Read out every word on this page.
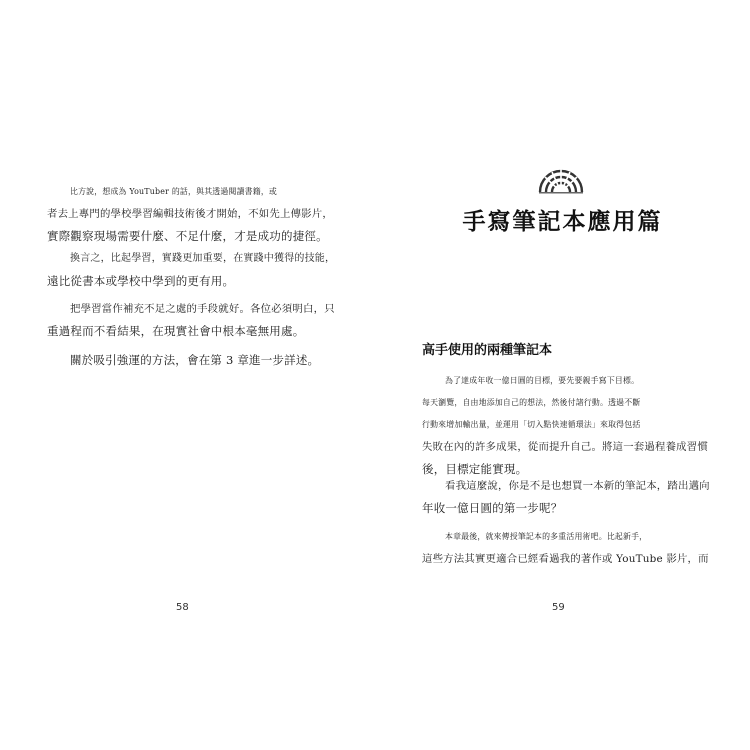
比方說，想成為 YouTuber 的話，與其透過閱讀書籍，或
者去上專門的學校學習編輯技術後才開始，不如先上傳影片，
實際觀察現場需要什麼、不足什麼，才是成功的捷徑。
換言之，比起學習，實踐更加重要，在實踐中獲得的技能，
遠比從書本或學校中學到的更有用。
把學習當作補充不足之處的手段就好。各位必須明白，只
重過程而不看結果，在現實社會中根本毫無用處。
關於吸引強運的方法，會在第 3 章進一步詳述。
58
手寫筆記本應用篇
高手使用的兩種筆記本
為了達成年收一億日圓的目標，要先要親手寫下目標。
每天瀏覽，自由地添加自己的想法，然後付諸行動。透過不斷
行動來增加輸出量，並運用「切入點快速循環法」來取得包括
失敗在內的許多成果，從而提升自己。將這一套過程養成習慣
後，目標定能實現。
看我這麼說，你是不是也想買一本新的筆記本，踏出邁向
年收一億日圓的第一步呢？
本章最後，就來傳授筆記本的多重活用術吧。比起新手，
這些方法其實更適合已經看過我的著作或 YouTube 影片，而
59
